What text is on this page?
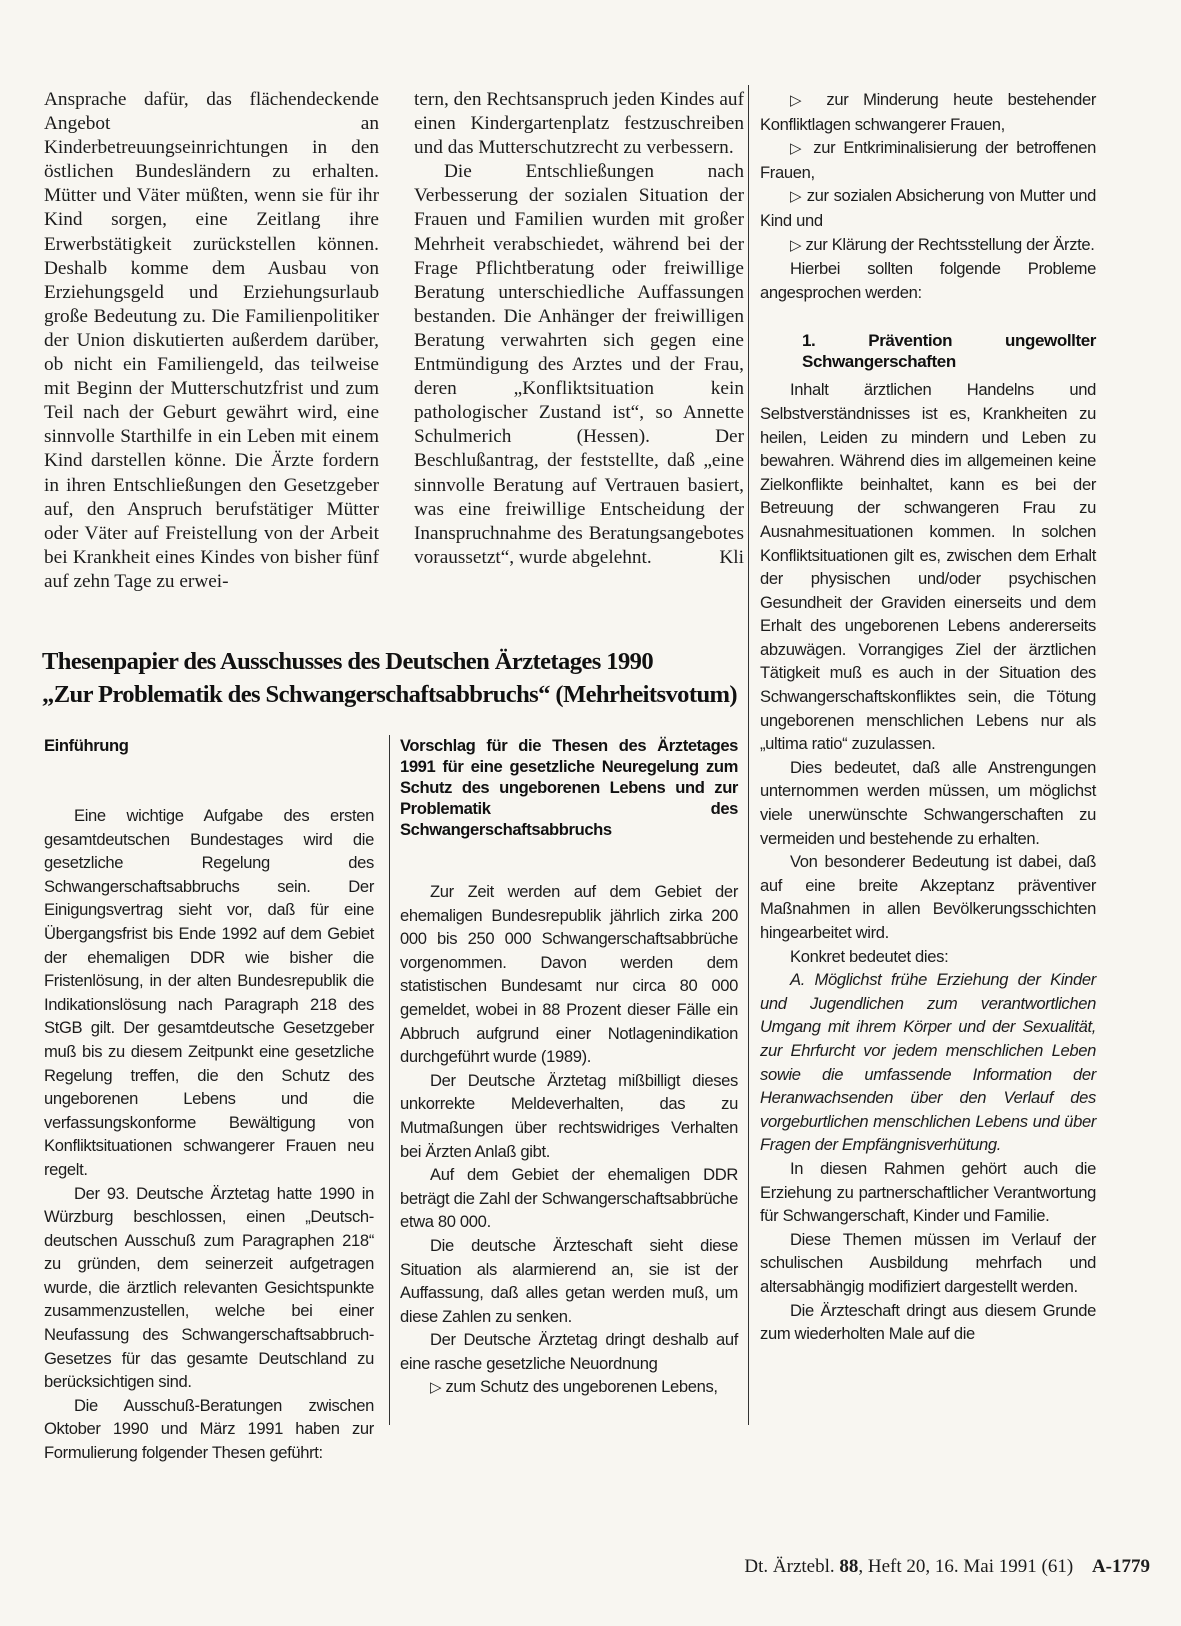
Ansprache dafür, das flächendeckende Angebot an Kinderbetreuungseinrichtungen in den östlichen Bundesländern zu erhalten. Mütter und Väter müßten, wenn sie für ihr Kind sorgen, eine Zeitlang ihre Erwerbstätigkeit zurückstellen können. Deshalb komme dem Ausbau von Erziehungsgeld und Erziehungsurlaub große Bedeutung zu. Die Familienpolitiker der Union diskutierten außerdem darüber, ob nicht ein Familiengeld, das teilweise mit Beginn der Mutterschutzfrist und zum Teil nach der Geburt gewährt wird, eine sinnvolle Starthilfe in ein Leben mit einem Kind darstellen könne. Die Ärzte fordern in ihren Entschließungen den Gesetzgeber auf, den Anspruch berufstätiger Mütter oder Väter auf Freistellung von der Arbeit bei Krankheit eines Kindes von bisher fünf auf zehn Tage zu erwei-

tern, den Rechtsanspruch jeden Kindes auf einen Kindergartenplatz festzuschreiben und das Mutterschutzrecht zu verbessern.

Die Entschließungen nach Verbesserung der sozialen Situation der Frauen und Familien wurden mit großer Mehrheit verabschiedet, während bei der Frage Pflichtberatung oder freiwillige Beratung unterschiedliche Auffassungen bestanden. Die Anhänger der freiwilligen Beratung verwahrten sich gegen eine Entmündigung des Arztes und der Frau, deren „Konfliktsituation kein pathologischer Zustand ist“, so Annette Schulmerich (Hessen). Der Beschlußantrag, der feststellte, daß „eine sinnvolle Beratung auf Vertrauen basiert, was eine freiwillige Entscheidung der Inanspruchnahme des Beratungsangebotes voraussetzt“, wurde abgelehnt.	Kli

Thesenpapier des Ausschusses des Deutschen Ärztetages 1990
„Zur Problematik des Schwangerschaftsabbruchs“ (Mehrheitsvotum)

Einführung

Eine wichtige Aufgabe des ersten gesamtdeutschen Bundestages wird die gesetzliche Regelung des Schwangerschaftsabbruchs sein. Der Einigungsvertrag sieht vor, daß für eine Übergangsfrist bis Ende 1992 auf dem Gebiet der ehemaligen DDR wie bisher die Fristenlösung, in der alten Bundesrepublik die Indikationslösung nach Paragraph 218 des StGB gilt. Der gesamtdeutsche Gesetzgeber muß bis zu diesem Zeitpunkt eine gesetzliche Regelung treffen, die den Schutz des ungeborenen Lebens und die verfassungskonforme Bewältigung von Konfliktsituationen schwangerer Frauen neu regelt.

Der 93. Deutsche Ärztetag hatte 1990 in Würzburg beschlossen, einen „Deutsch-deutschen Ausschuß zum Paragraphen 218“ zu gründen, dem seinerzeit aufgetragen wurde, die ärztlich relevanten Gesichtspunkte zusammenzustellen, welche bei einer Neufassung des Schwangerschaftsabbruch-Gesetzes für das gesamte Deutschland zu berücksichtigen sind.

Die Ausschuß-Beratungen zwischen Oktober 1990 und März 1991 haben zur Formulierung folgender Thesen geführt:

Vorschlag für die Thesen des Ärztetages 1991 für eine gesetzliche Neuregelung zum Schutz des ungeborenen Lebens und zur Problematik des Schwangerschaftsabbruchs

Zur Zeit werden auf dem Gebiet der ehemaligen Bundesrepublik jährlich zirka 200 000 bis 250 000 Schwangerschaftsabbrüche vorgenommen. Davon werden dem statistischen Bundesamt nur circa 80 000 gemeldet, wobei in 88 Prozent dieser Fälle ein Abbruch aufgrund einer Notlagenindikation durchgeführt wurde (1989).

Der Deutsche Ärztetag mißbilligt dieses unkorrekte Meldeverhalten, das zu Mutmaßungen über rechtswidriges Verhalten bei Ärzten Anlaß gibt.

Auf dem Gebiet der ehemaligen DDR beträgt die Zahl der Schwangerschaftsabbrüche etwa 80 000.

Die deutsche Ärzteschaft sieht diese Situation als alarmierend an, sie ist der Auffassung, daß alles getan werden muß, um diese Zahlen zu senken.

Der Deutsche Ärztetag dringt deshalb auf eine rasche gesetzliche Neuordnung

▷ zum Schutz des ungeborenen Lebens,

▷ zur Minderung heute bestehender Konfliktlagen schwangerer Frauen,

▷ zur Entkriminalisierung der betroffenen Frauen,

▷ zur sozialen Absicherung von Mutter und Kind und

▷ zur Klärung der Rechtsstellung der Ärzte.

Hierbei sollten folgende Probleme angesprochen werden:

1. Prävention ungewollter Schwangerschaften

Inhalt ärztlichen Handelns und Selbstverständnisses ist es, Krankheiten zu heilen, Leiden zu mindern und Leben zu bewahren. Während dies im allgemeinen keine Zielkonflikte beinhaltet, kann es bei der Betreuung der schwangeren Frau zu Ausnahmesituationen kommen. In solchen Konfliktsituationen gilt es, zwischen dem Erhalt der physischen und/oder psychischen Gesundheit der Graviden einerseits und dem Erhalt des ungeborenen Lebens andererseits abzuwägen. Vorrangiges Ziel der ärztlichen Tätigkeit muß es auch in der Situation des Schwangerschaftskonfliktes sein, die Tötung ungeborenen menschlichen Lebens nur als „ultima ratio“ zuzulassen.

Dies bedeutet, daß alle Anstrengungen unternommen werden müssen, um möglichst viele unerwünschte Schwangerschaften zu vermeiden und bestehende zu erhalten.

Von besonderer Bedeutung ist dabei, daß auf eine breite Akzeptanz präventiver Maßnahmen in allen Bevölkerungsschichten hingearbeitet wird.

Konkret bedeutet dies:

A. Möglichst frühe Erziehung der Kinder und Jugendlichen zum verantwortlichen Umgang mit ihrem Körper und der Sexualität, zur Ehrfurcht vor jedem menschlichen Leben sowie die umfassende Information der Heranwachsenden über den Verlauf des vorgeburtlichen menschlichen Lebens und über Fragen der Empfängnisverhütung.

In diesen Rahmen gehört auch die Erziehung zu partnerschaftlicher Verantwortung für Schwangerschaft, Kinder und Familie.

Diese Themen müssen im Verlauf der schulischen Ausbildung mehrfach und altersabhängig modifiziert dargestellt werden.

Die Ärzteschaft dringt aus diesem Grunde zum wiederholten Male auf die

Dt. Ärztebl. 88, Heft 20, 16. Mai 1991 (61) A-1779
